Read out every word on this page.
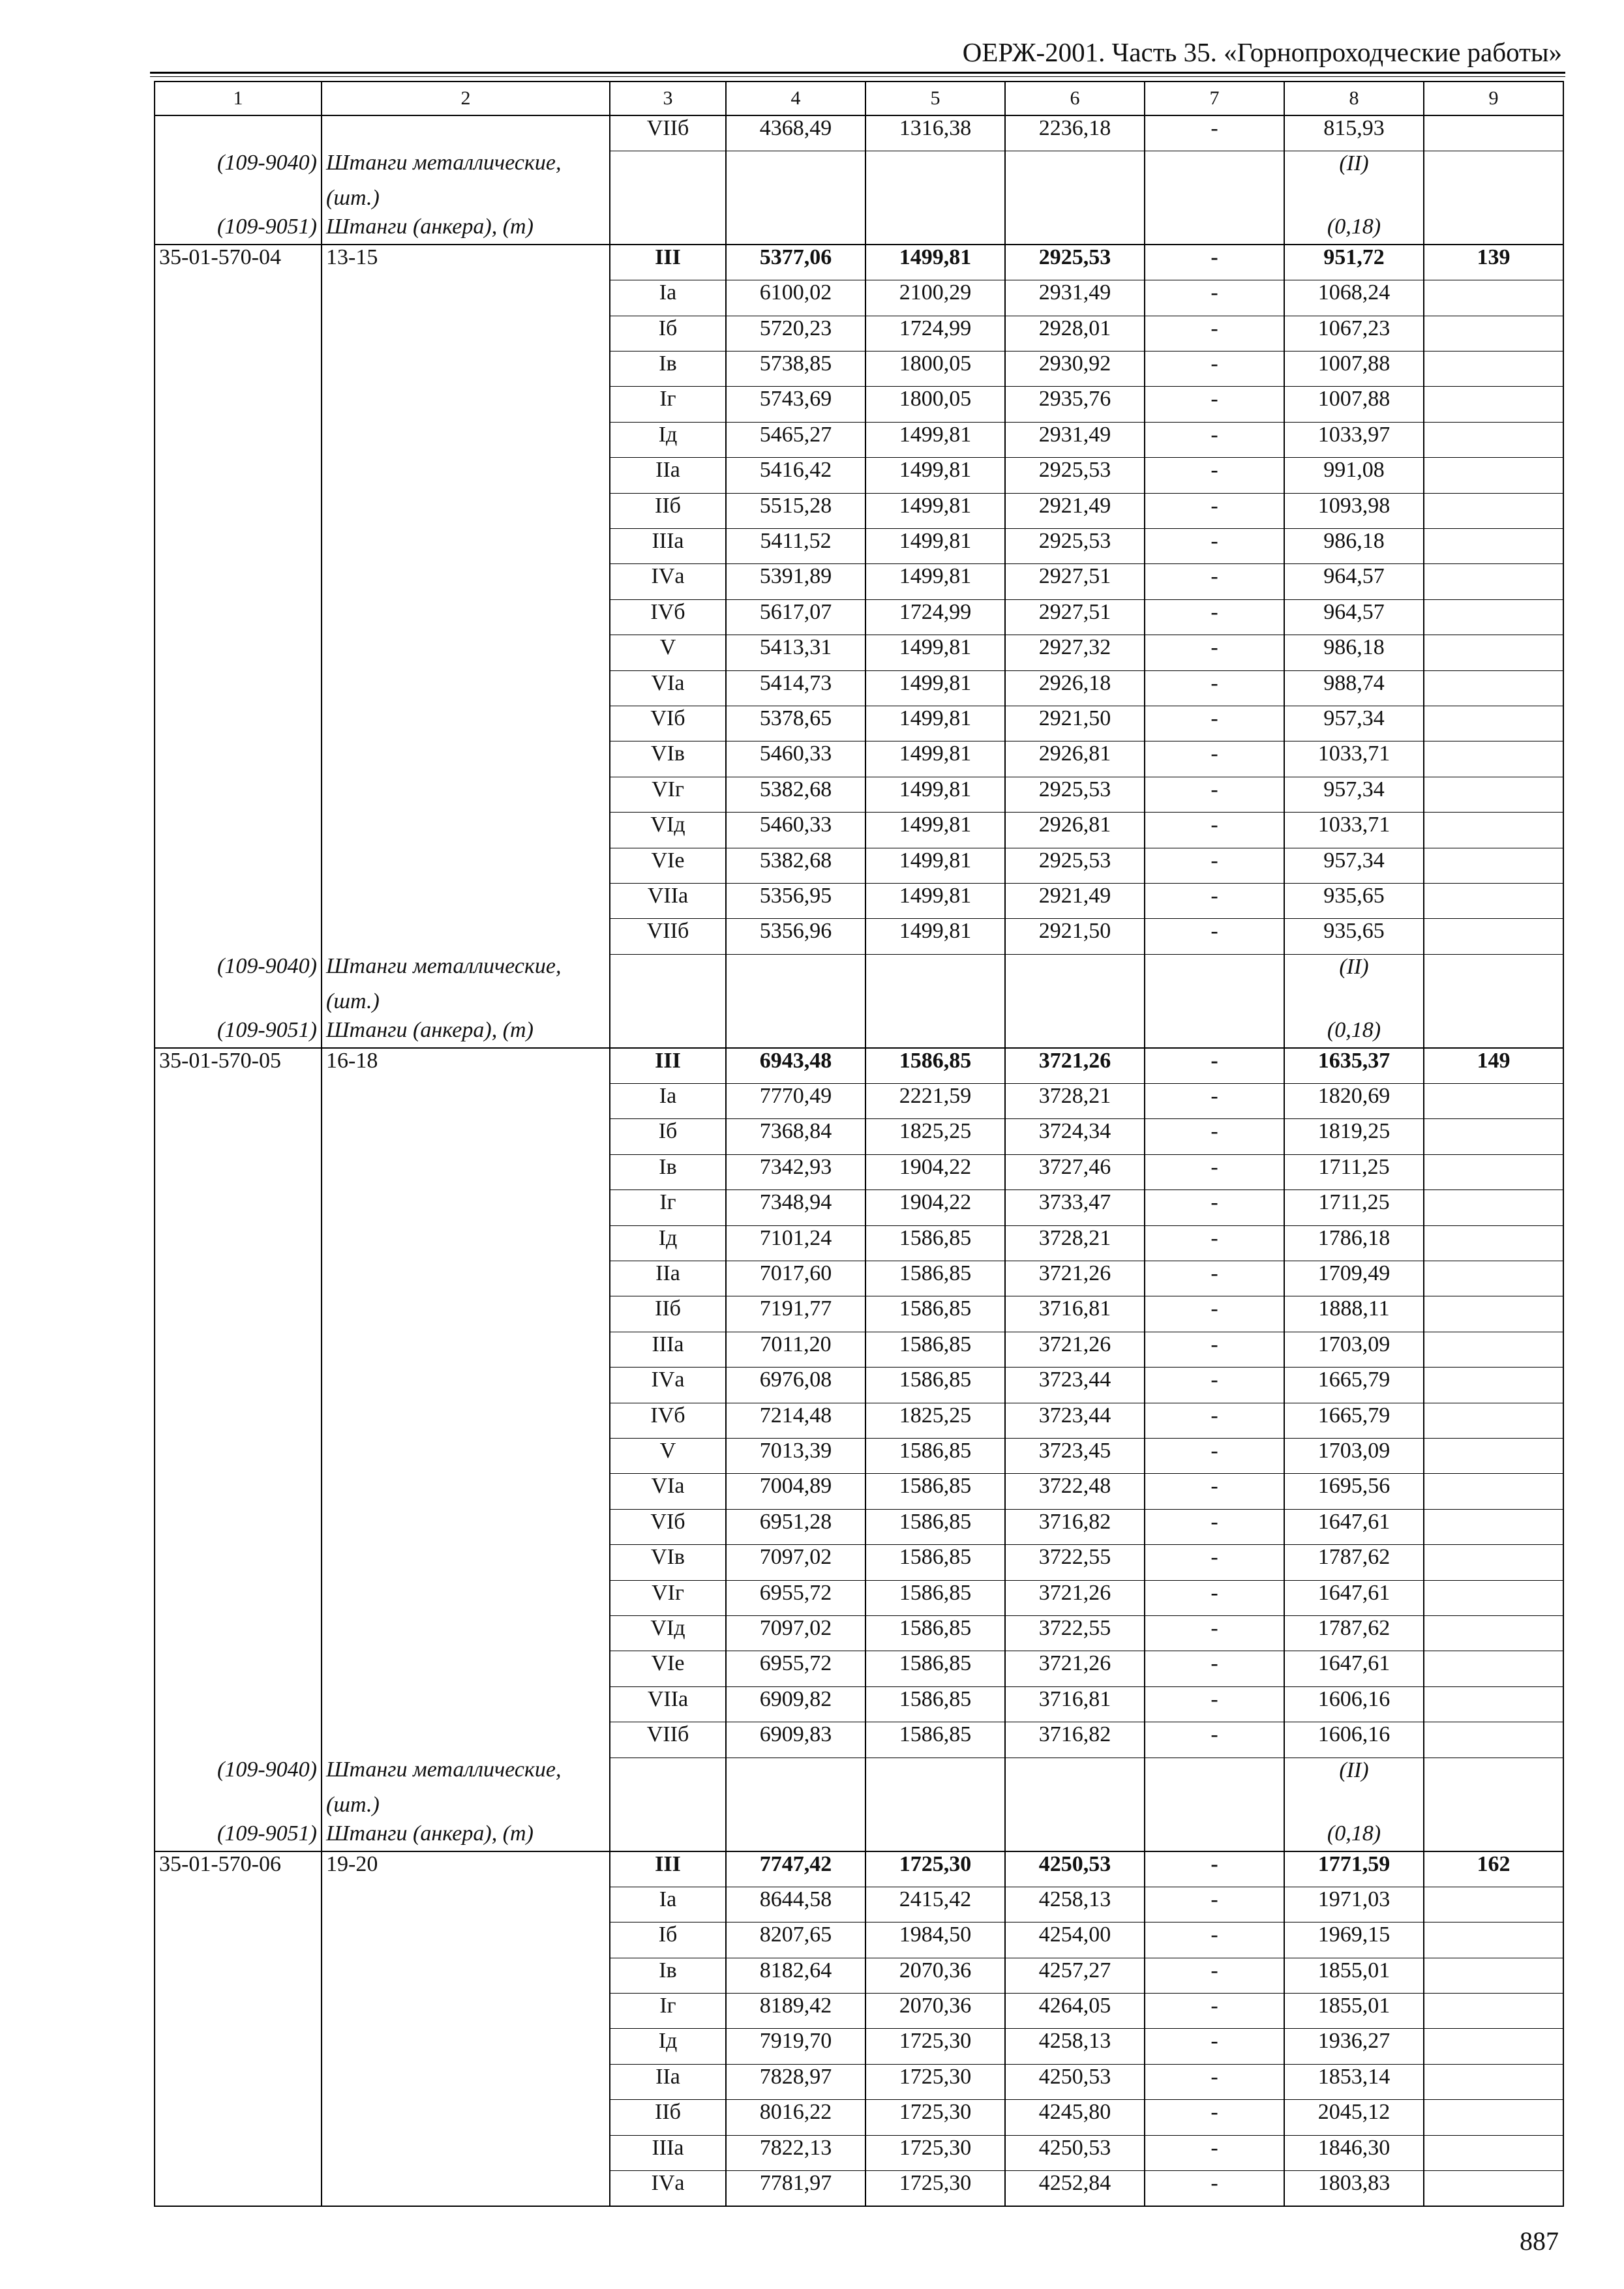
ОЕРЖ-2001. Часть 35. «Горнопроходческие работы»
1	2	3	4	5	6	7	8	9
		VIIб	4368,49	1316,38	2236,18	-	815,93	
(109-9040)	Штанги металлические,						(II)	
	(шт.)							
(109-9051)	Штанги (анкера), (т)						(0,18)	
35-01-570-04	13-15	III	5377,06	1499,81	2925,53	-	951,72	139
		Iа	6100,02	2100,29	2931,49	-	1068,24	
		Iб	5720,23	1724,99	2928,01	-	1067,23	
		Iв	5738,85	1800,05	2930,92	-	1007,88	
		Iг	5743,69	1800,05	2935,76	-	1007,88	
		Iд	5465,27	1499,81	2931,49	-	1033,97	
		IIа	5416,42	1499,81	2925,53	-	991,08	
		IIб	5515,28	1499,81	2921,49	-	1093,98	
		IIIа	5411,52	1499,81	2925,53	-	986,18	
		IVа	5391,89	1499,81	2927,51	-	964,57	
		IVб	5617,07	1724,99	2927,51	-	964,57	
		V	5413,31	1499,81	2927,32	-	986,18	
		VIа	5414,73	1499,81	2926,18	-	988,74	
		VIб	5378,65	1499,81	2921,50	-	957,34	
		VIв	5460,33	1499,81	2926,81	-	1033,71	
		VIг	5382,68	1499,81	2925,53	-	957,34	
		VIд	5460,33	1499,81	2926,81	-	1033,71	
		VIе	5382,68	1499,81	2925,53	-	957,34	
		VIIа	5356,95	1499,81	2921,49	-	935,65	
		VIIб	5356,96	1499,81	2921,50	-	935,65	
(109-9040)	Штанги металлические,						(II)	
	(шт.)							
(109-9051)	Штанги (анкера), (т)						(0,18)	
35-01-570-05	16-18	III	6943,48	1586,85	3721,26	-	1635,37	149
		Iа	7770,49	2221,59	3728,21	-	1820,69	
		Iб	7368,84	1825,25	3724,34	-	1819,25	
		Iв	7342,93	1904,22	3727,46	-	1711,25	
		Iг	7348,94	1904,22	3733,47	-	1711,25	
		Iд	7101,24	1586,85	3728,21	-	1786,18	
		IIа	7017,60	1586,85	3721,26	-	1709,49	
		IIб	7191,77	1586,85	3716,81	-	1888,11	
		IIIа	7011,20	1586,85	3721,26	-	1703,09	
		IVа	6976,08	1586,85	3723,44	-	1665,79	
		IVб	7214,48	1825,25	3723,44	-	1665,79	
		V	7013,39	1586,85	3723,45	-	1703,09	
		VIа	7004,89	1586,85	3722,48	-	1695,56	
		VIб	6951,28	1586,85	3716,82	-	1647,61	
		VIв	7097,02	1586,85	3722,55	-	1787,62	
		VIг	6955,72	1586,85	3721,26	-	1647,61	
		VIд	7097,02	1586,85	3722,55	-	1787,62	
		VIе	6955,72	1586,85	3721,26	-	1647,61	
		VIIа	6909,82	1586,85	3716,81	-	1606,16	
		VIIб	6909,83	1586,85	3716,82	-	1606,16	
(109-9040)	Штанги металлические,						(II)	
	(шт.)							
(109-9051)	Штанги (анкера), (т)						(0,18)	
35-01-570-06	19-20	III	7747,42	1725,30	4250,53	-	1771,59	162
		Iа	8644,58	2415,42	4258,13	-	1971,03	
		Iб	8207,65	1984,50	4254,00	-	1969,15	
		Iв	8182,64	2070,36	4257,27	-	1855,01	
		Iг	8189,42	2070,36	4264,05	-	1855,01	
		Iд	7919,70	1725,30	4258,13	-	1936,27	
		IIа	7828,97	1725,30	4250,53	-	1853,14	
		IIб	8016,22	1725,30	4245,80	-	2045,12	
		IIIа	7822,13	1725,30	4250,53	-	1846,30	
		IVа	7781,97	1725,30	4252,84	-	1803,83	
887
